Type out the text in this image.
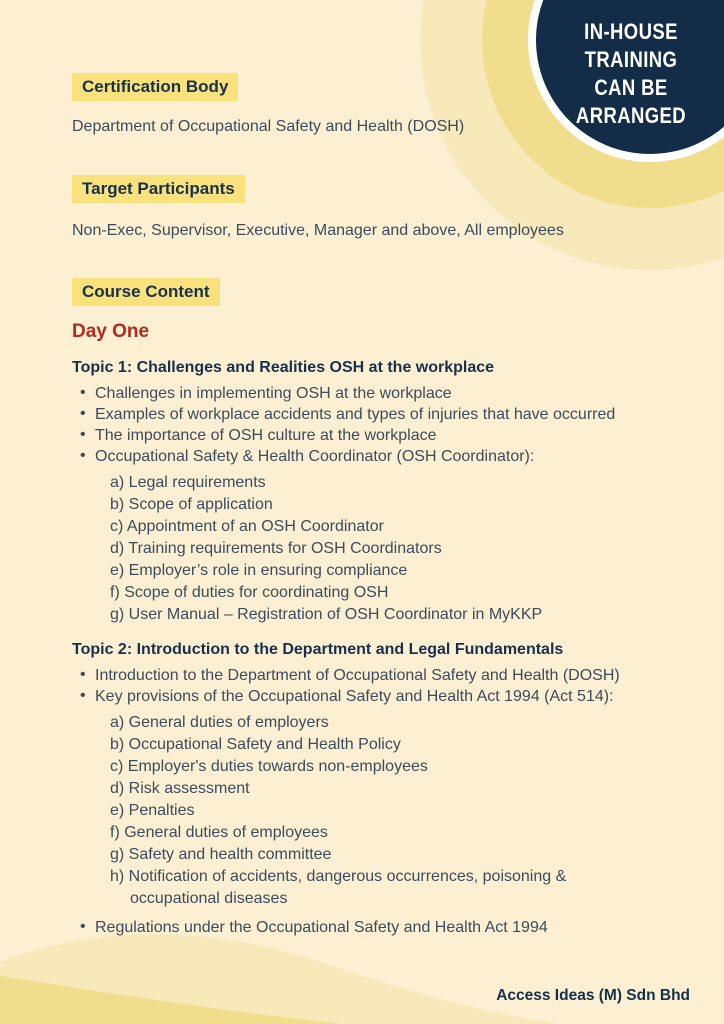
IN-HOUSE
TRAINING
CAN BE
ARRANGED
Certification Body
Department of Occupational Safety and Health (DOSH)
Target Participants
Non-Exec, Supervisor, Executive, Manager and above, All employees
Course Content
Day One
Topic 1: Challenges and Realities OSH at the workplace
• Challenges in implementing OSH at the workplace
• Examples of workplace accidents and types of injuries that have occurred
• The importance of OSH culture at the workplace
• Occupational Safety & Health Coordinator (OSH Coordinator):
a) Legal requirements
b) Scope of application
c) Appointment of an OSH Coordinator
d) Training requirements for OSH Coordinators
e) Employer’s role in ensuring compliance
f) Scope of duties for coordinating OSH
g) User Manual – Registration of OSH Coordinator in MyKKP
Topic 2: Introduction to the Department and Legal Fundamentals
• Introduction to the Department of Occupational Safety and Health (DOSH)
• Key provisions of the Occupational Safety and Health Act 1994 (Act 514):
a) General duties of employers
b) Occupational Safety and Health Policy
c) Employer's duties towards non-employees
d) Risk assessment
e) Penalties
f) General duties of employees
g) Safety and health committee
h) Notification of accidents, dangerous occurrences, poisoning & occupational diseases
• Regulations under the Occupational Safety and Health Act 1994
Access Ideas (M) Sdn Bhd
